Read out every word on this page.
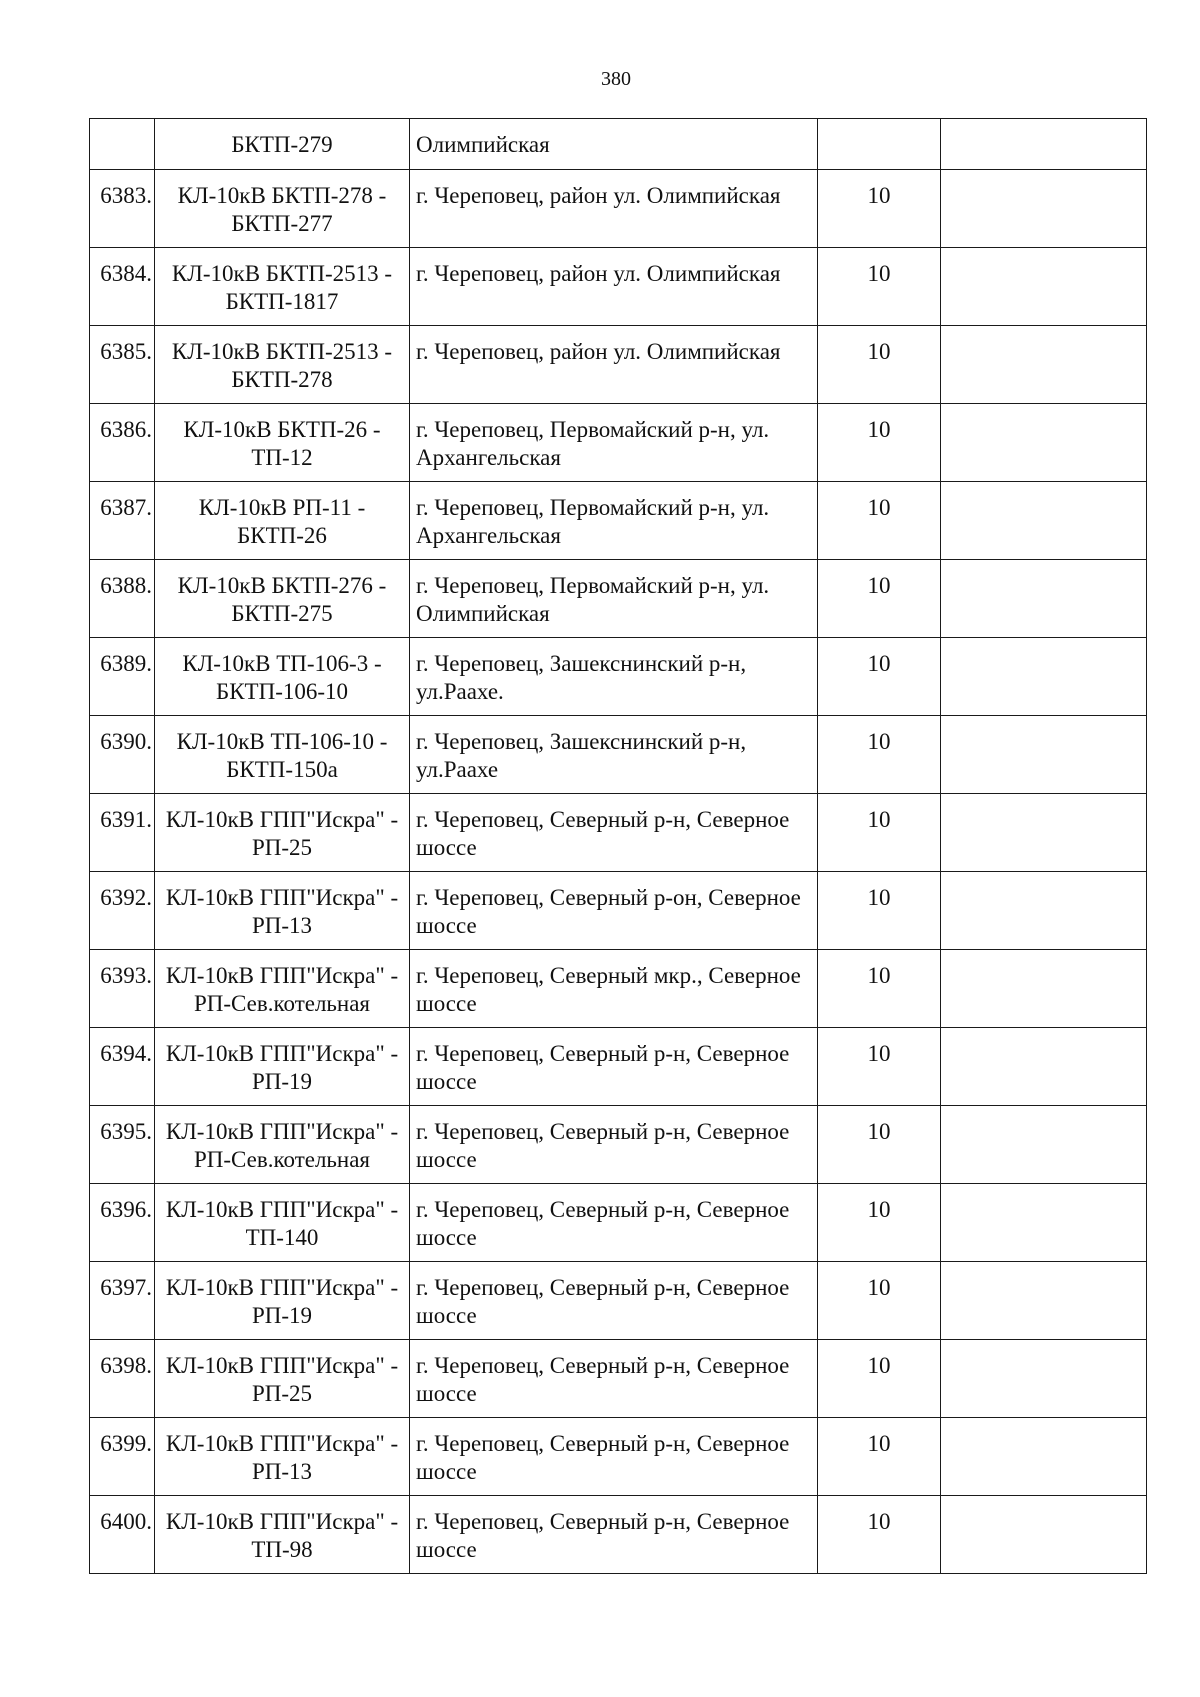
380

	БКТП-279	Олимпийская		

6383.	КЛ-10кВ БКТП-278 - БКТП-277	г. Череповец, район ул. Олимпийская	10	

6384.	КЛ-10кВ БКТП-2513 - БКТП-1817	г. Череповец, район ул. Олимпийская	10	

6385.	КЛ-10кВ БКТП-2513 - БКТП-278	г. Череповец, район ул. Олимпийская	10	

6386.	КЛ-10кВ БКТП-26 - ТП-12	г. Череповец, Первомайский р-н, ул. Архангельская	10	

6387.	КЛ-10кВ РП-11 - БКТП-26	г. Череповец, Первомайский р-н, ул. Архангельская	10	

6388.	КЛ-10кВ БКТП-276 - БКТП-275	г. Череповец, Первомайский р-н, ул. Олимпийская	10	

6389.	КЛ-10кВ ТП-106-3 - БКТП-106-10	г. Череповец, Зашекснинский р-н, ул.Раахе.	10	

6390.	КЛ-10кВ ТП-106-10 - БКТП-150а	г. Череповец, Зашекснинский р-н, ул.Раахе	10	

6391.	КЛ-10кВ ГПП"Искра" - РП-25	г. Череповец, Северный р-н, Северное шоссе	10	

6392.	КЛ-10кВ ГПП"Искра" - РП-13	г. Череповец, Северный р-он, Северное шоссе	10	

6393.	КЛ-10кВ ГПП"Искра" - РП-Сев.котельная	г. Череповец, Северный мкр., Северное шоссе	10	

6394.	КЛ-10кВ ГПП"Искра" - РП-19	г. Череповец, Северный р-н, Северное шоссе	10	

6395.	КЛ-10кВ ГПП"Искра" - РП-Сев.котельная	г. Череповец, Северный р-н, Северное шоссе	10	

6396.	КЛ-10кВ ГПП"Искра" - ТП-140	г. Череповец, Северный р-н, Северное шоссе	10	

6397.	КЛ-10кВ ГПП"Искра" - РП-19	г. Череповец, Северный р-н, Северное шоссе	10	

6398.	КЛ-10кВ ГПП"Искра" - РП-25	г. Череповец, Северный р-н, Северное шоссе	10	

6399.	КЛ-10кВ ГПП"Искра" - РП-13	г. Череповец, Северный р-н, Северное шоссе	10	

6400.	КЛ-10кВ ГПП"Искра" - ТП-98	г. Череповец, Северный р-н, Северное шоссе	10	
